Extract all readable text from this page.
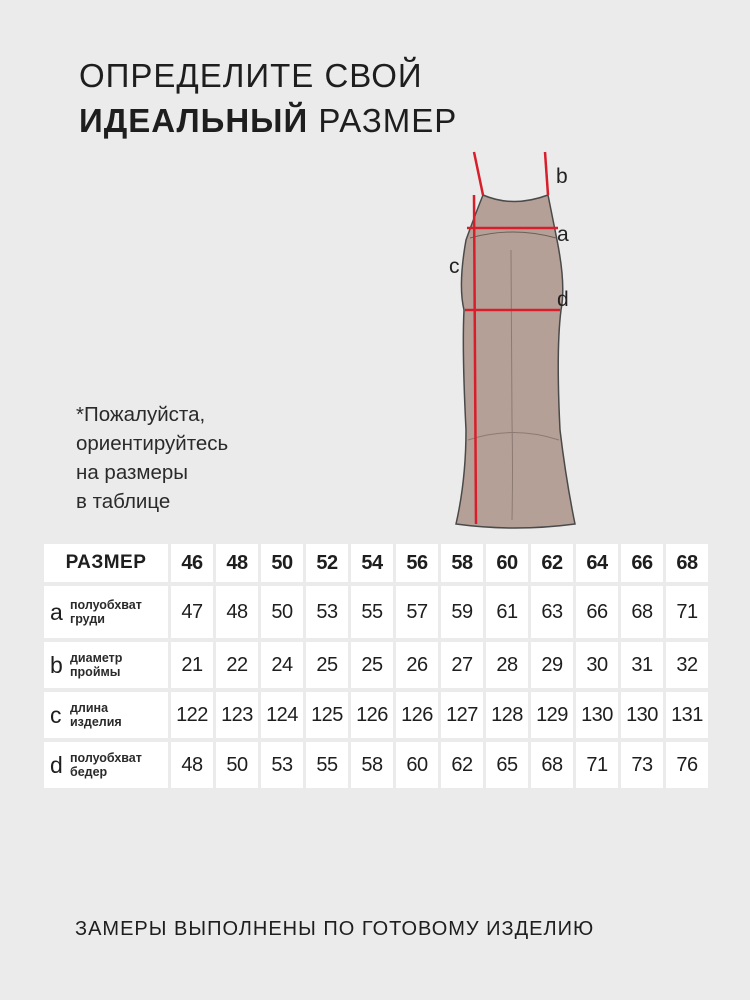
ОПРЕДЕЛИТЕ СВОЙ
ИДЕАЛЬНЫЙ РАЗМЕР
b
a
c
d
*Пожалуйста,
ориентируйтесь
на размеры
в таблице
РАЗМЕР	46	48	50	52	54	56	58	60	62	64	66	68
a полуобхват
груди	47	48	50	53	55	57	59	61	63	66	68	71
b диаметр
проймы	21	22	24	25	25	26	27	28	29	30	31	32
c длина
изделия	122 123 124 125 126 126 127 128 129 130 130 131
d полуобхват
бедер	48	50	53	55	58	60	62	65	68	71	73	76
ЗАМЕРЫ ВЫПОЛНЕНЫ ПО ГОТОВОМУ ИЗДЕЛИЮ
